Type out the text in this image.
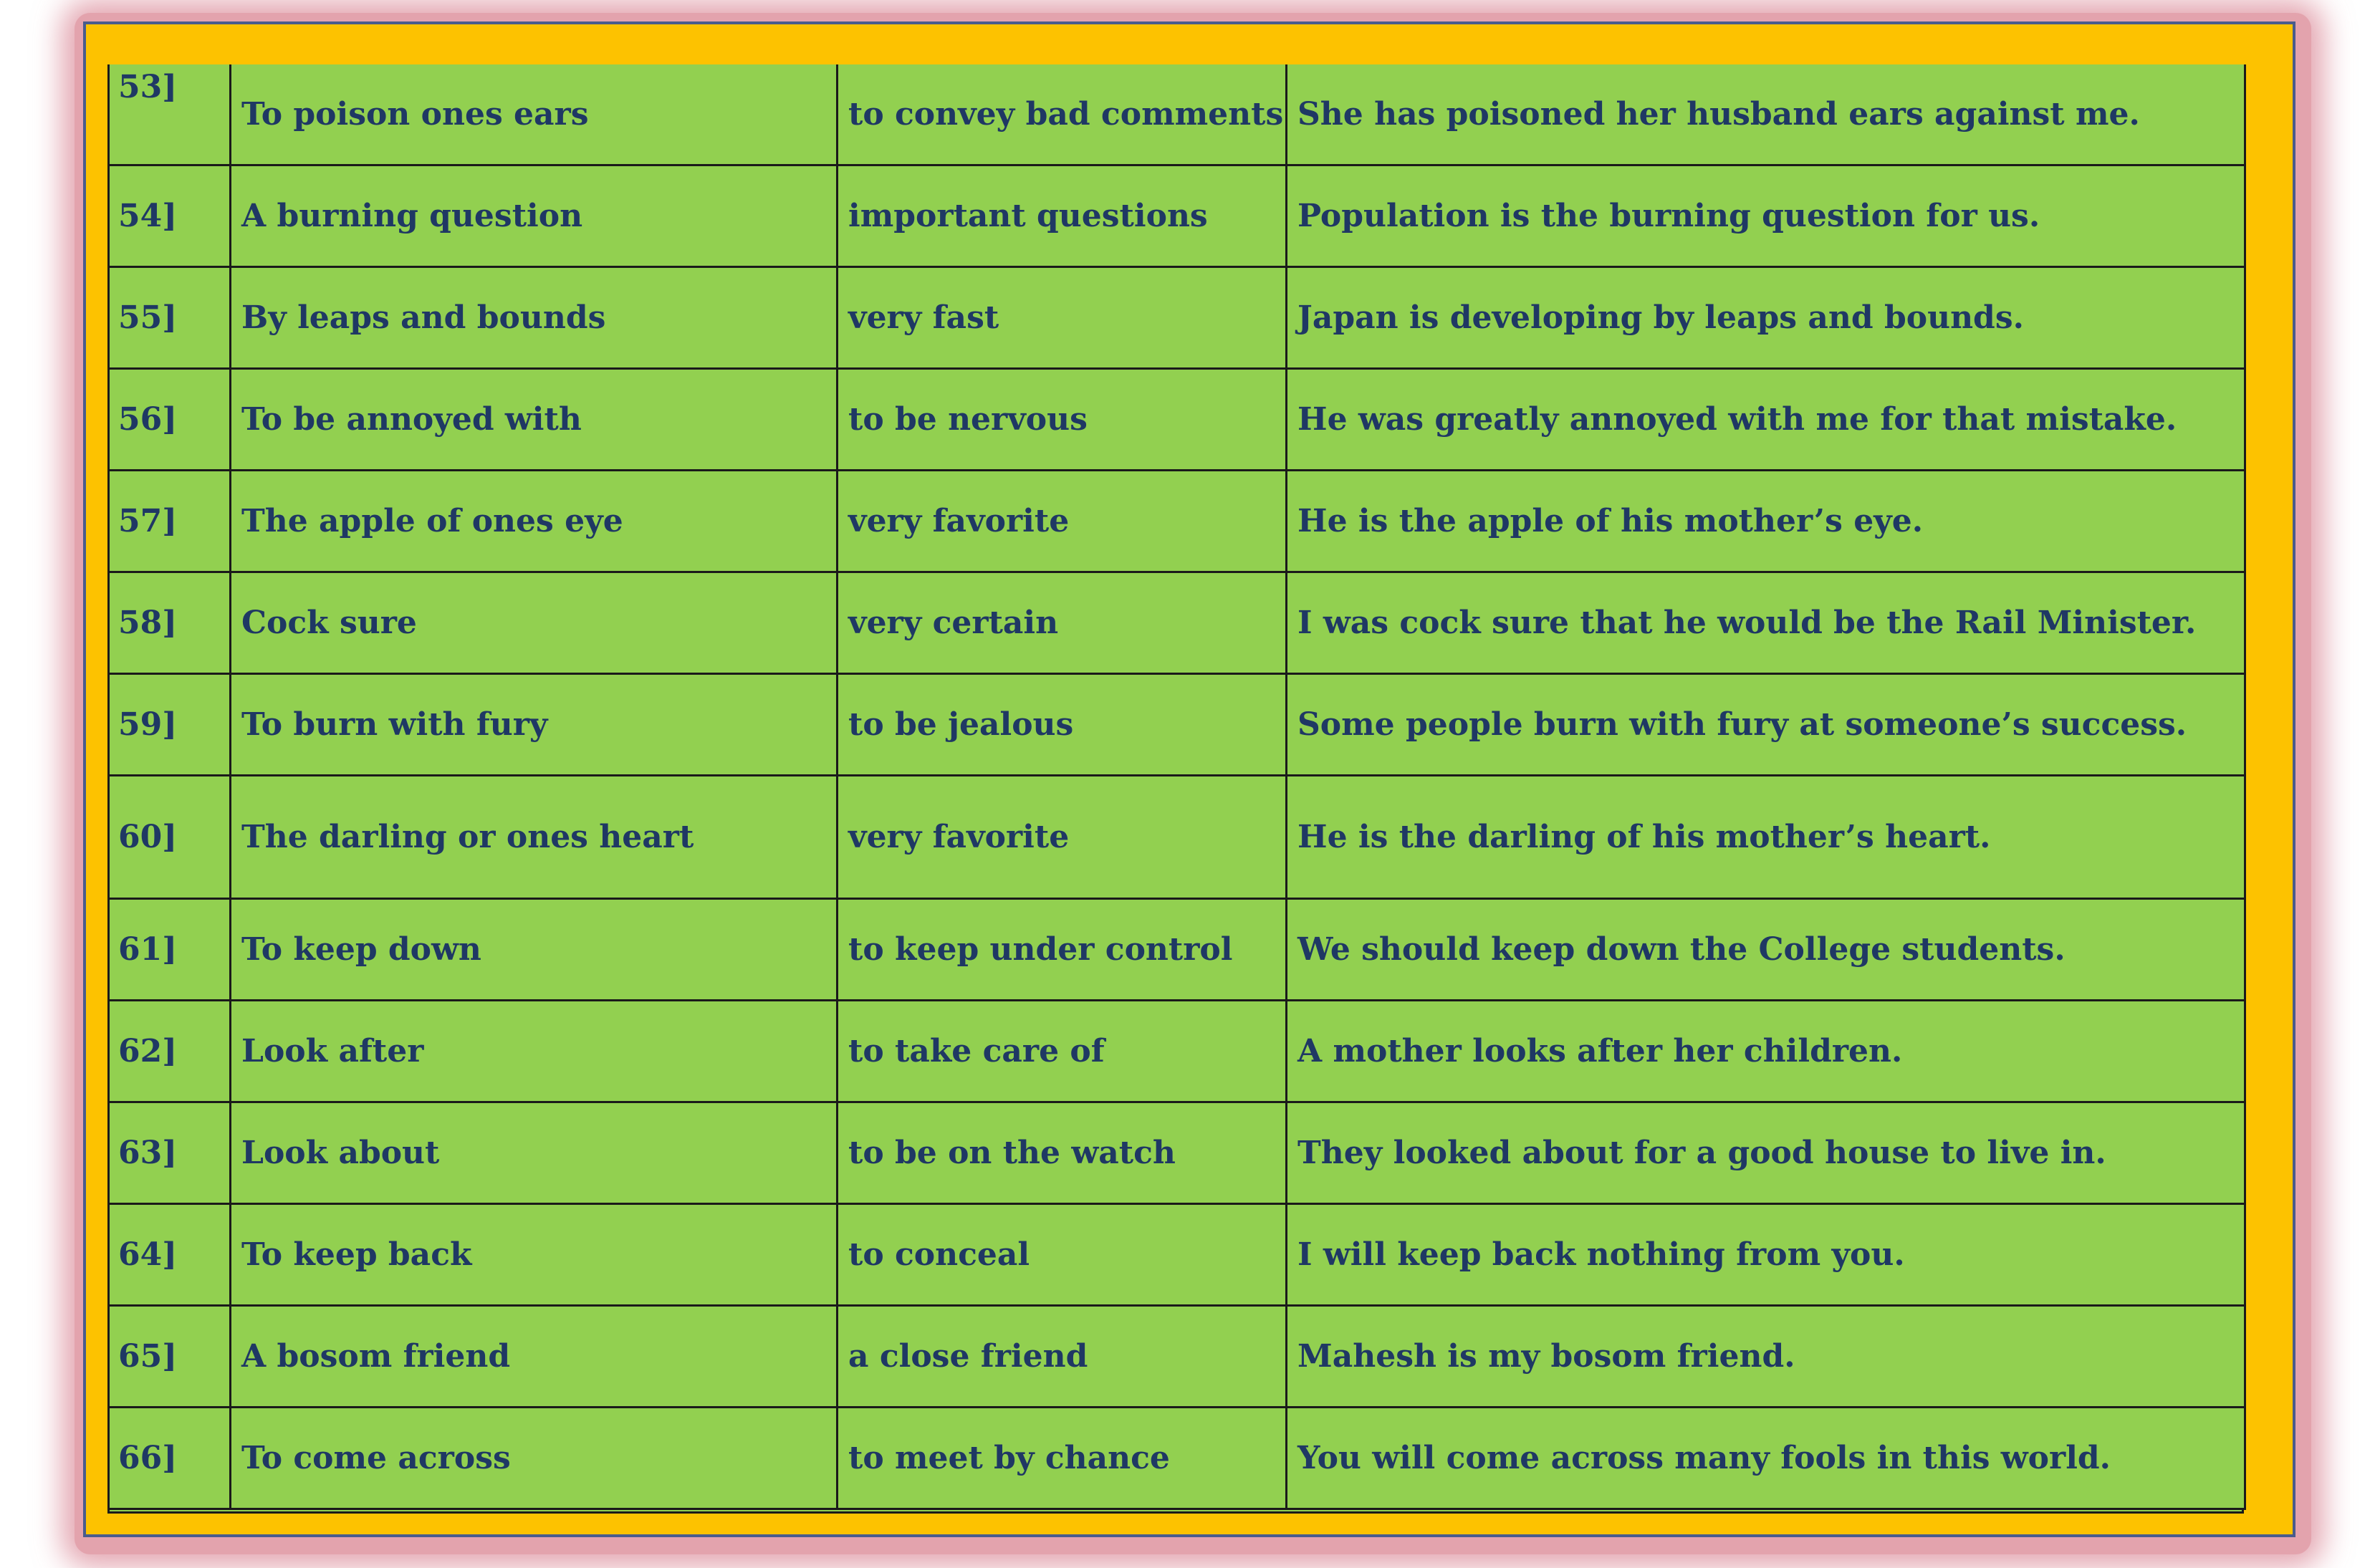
53]	To poison ones ears	to convey bad comments	She has poisoned her husband ears against me.
54]	A burning question	important questions	Population is the burning question for us.
55]	By leaps and bounds	very fast	Japan is developing by leaps and bounds.
56]	To be annoyed with	to be nervous	He was greatly annoyed with me for that mistake.
57]	The apple of ones eye	very favorite	He is the apple of his mother’s eye.
58]	Cock sure	very certain	I was cock sure that he would be the Rail Minister.
59]	To burn with fury	to be jealous	Some people burn with fury at someone’s success.
60]	The darling or ones heart	very favorite	He is the darling of his mother’s heart.
61]	To keep down	to keep under control	We should keep down the College students.
62]	Look after	to take care of	A mother looks after her children.
63]	Look about	to be on the watch	They looked about for a good house to live in.
64]	To keep back	to conceal	I will keep back nothing from you.
65]	A bosom friend	a close friend	Mahesh is my bosom friend.
66]	To come across	to meet by chance	You will come across many fools in this world.
